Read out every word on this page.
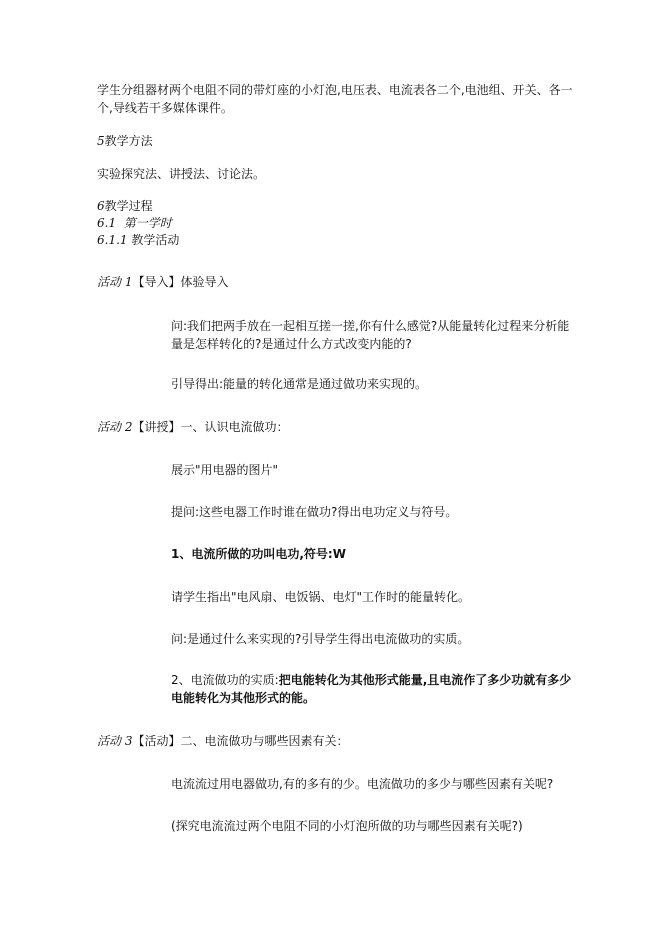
学生分组器材两个电阻不同的带灯座的小灯泡,电压表、电流表各二个,电池组、开关、各一
个,导线若干多媒体课件。
5教学方法
实验探究法、讲授法、讨论法。
6教学过程
6.1 第一学时
6.1.1 教学活动
活动 1【导入】体验导入
问:我们把两手放在一起相互搓一搓,你有什么感觉?从能量转化过程来分析能
量是怎样转化的?是通过什么方式改变内能的?
引导得出:能量的转化通常是通过做功来实现的。
活动 2【讲授】一、认识电流做功：
展示"用电器的图片"
提问:这些电器工作时谁在做功?得出电功定义与符号。
1、电流所做的功叫电功,符号:W
请学生指出"电风扇、电饭锅、电灯"工作时的能量转化。
问:是通过什么来实现的?引导学生得出电流做功的实质。
2、电流做功的实质:把电能转化为其他形式能量,且电流作了多少功就有多少
电能转化为其他形式的能。
活动 3【活动】二、电流做功与哪些因素有关：
电流流过用电器做功,有的多有的少。电流做功的多少与哪些因素有关呢?
(探究电流流过两个电阻不同的小灯泡所做的功与哪些因素有关呢?)
